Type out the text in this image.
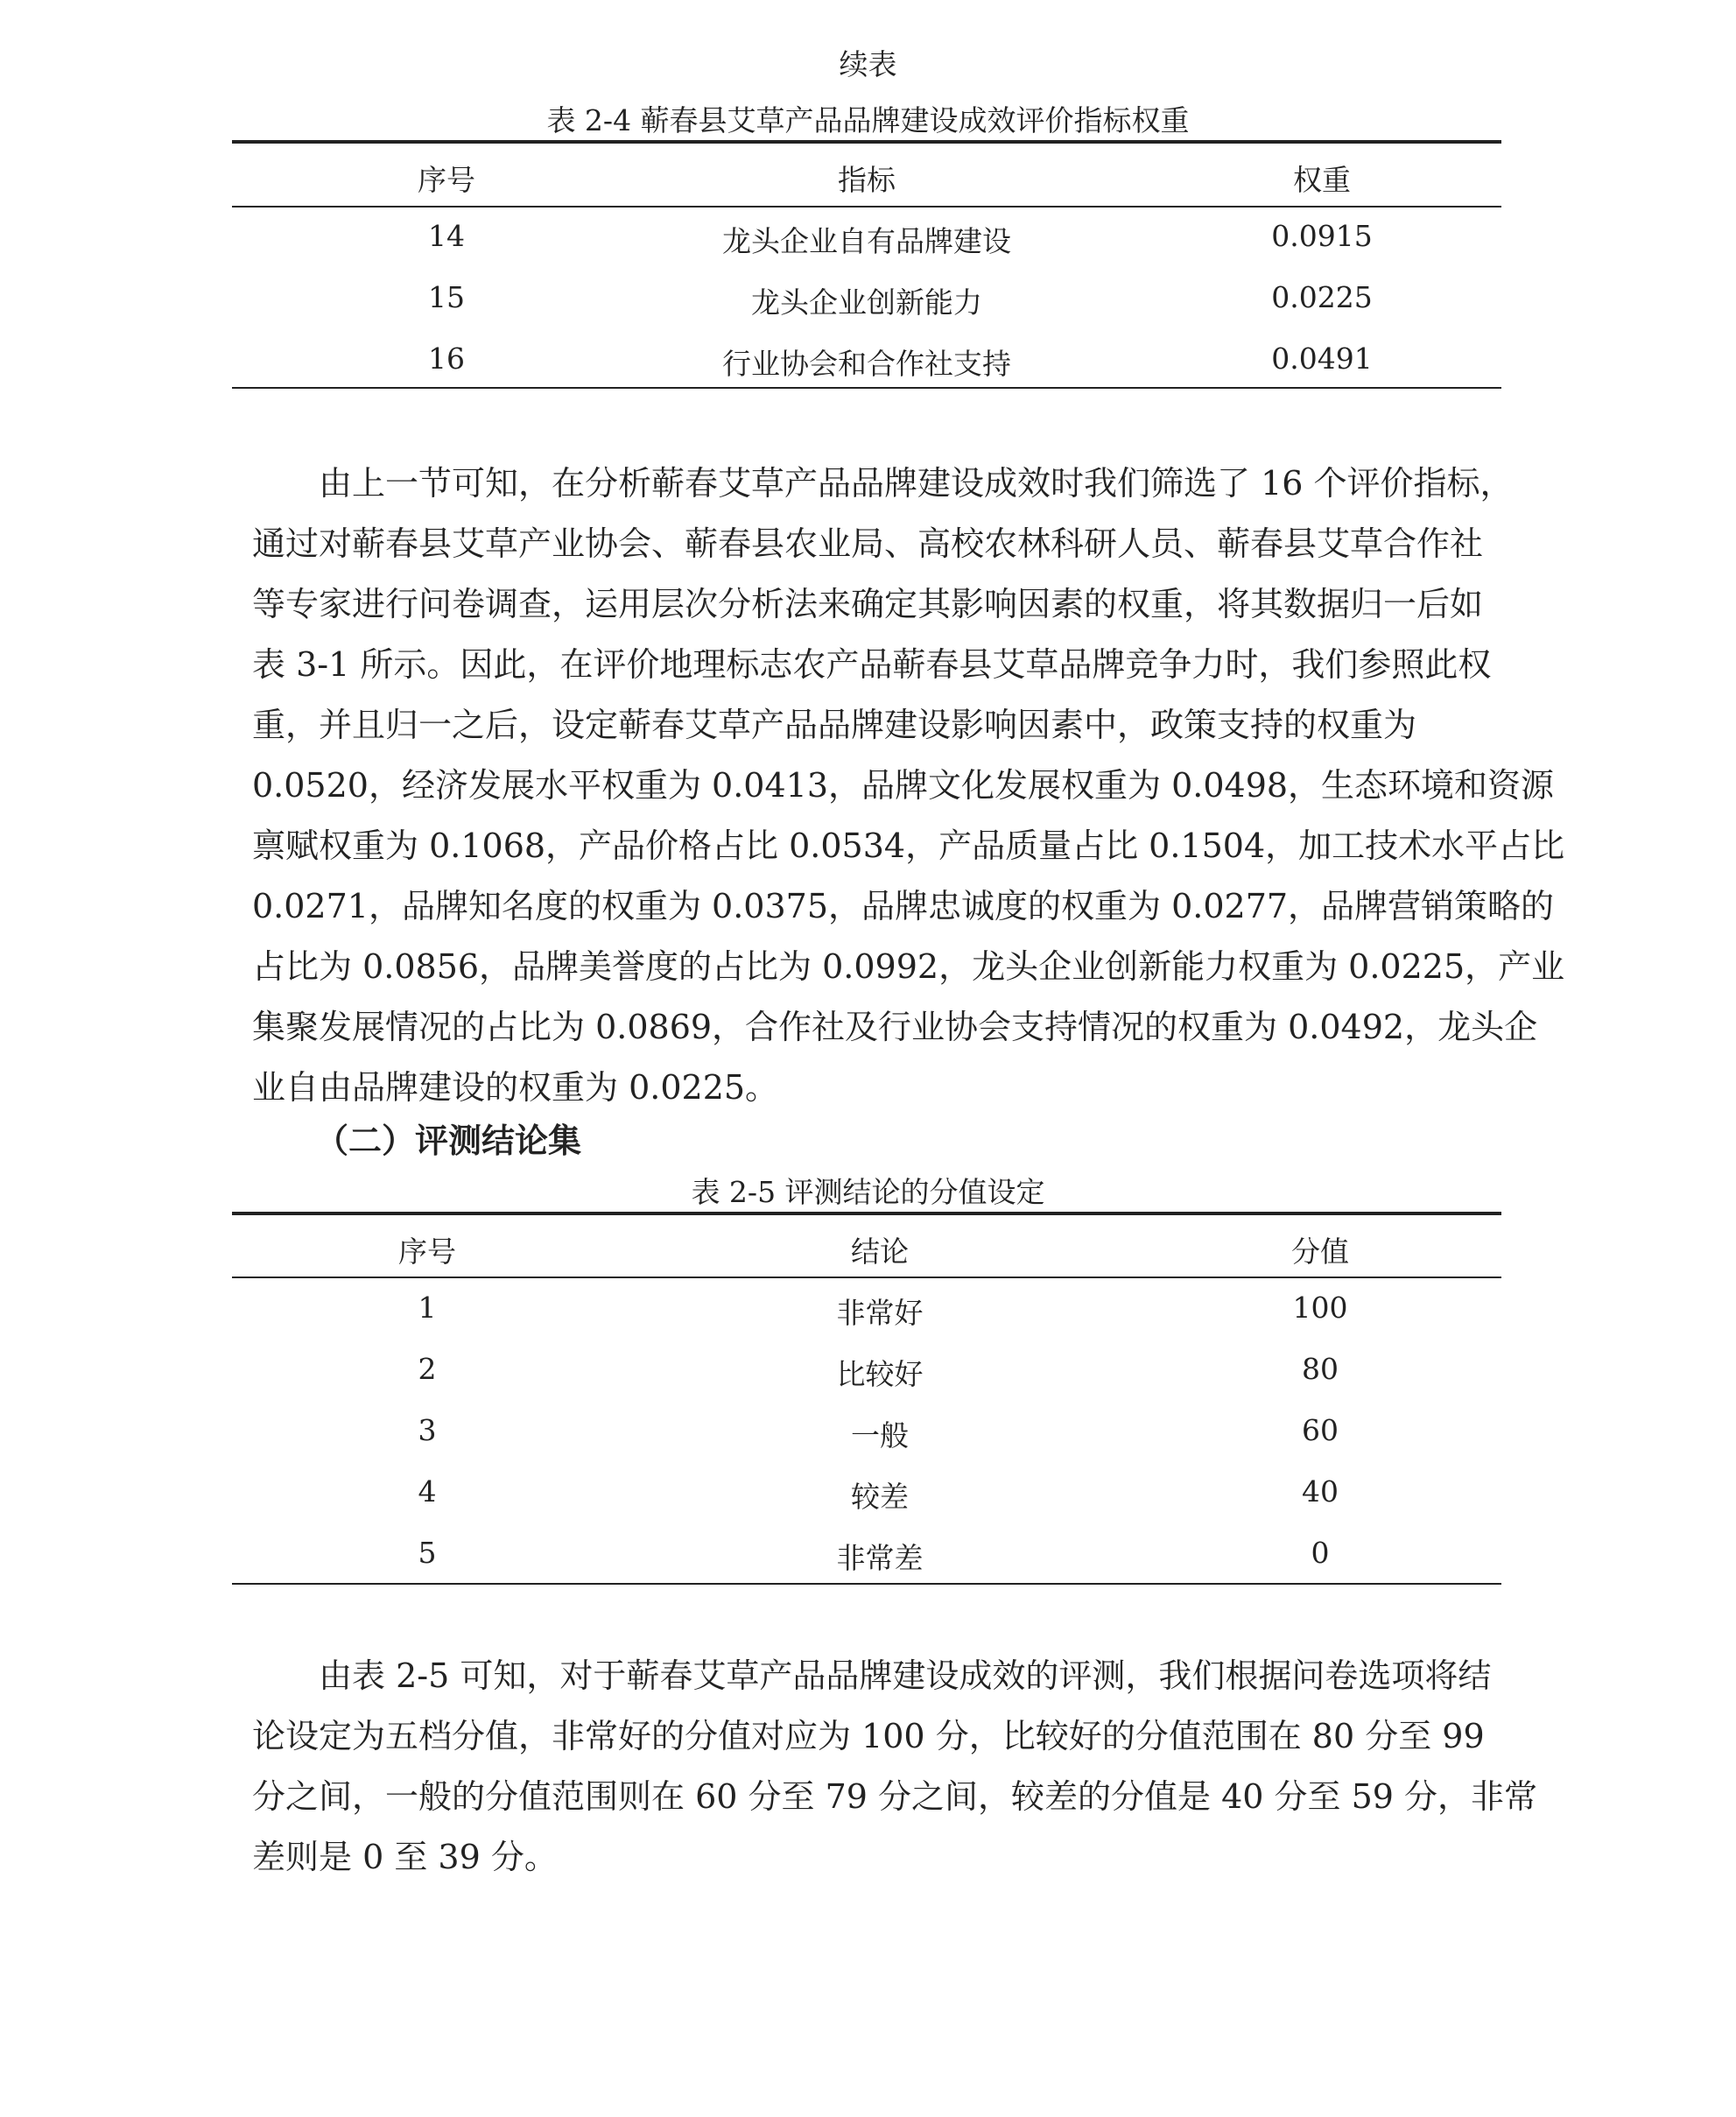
续表
表 2-4 蕲春县艾草产品品牌建设成效评价指标权重
序号	指标	权重
14	龙头企业自有品牌建设	0.0915
15	龙头企业创新能力	0.0225
16	行业协会和合作社支持	0.0491
由上一节可知，在分析蕲春艾草产品品牌建设成效时我们筛选了 16 个评价指标，
通过对蕲春县艾草产业协会、蕲春县农业局、高校农林科研人员、蕲春县艾草合作社
等专家进行问卷调查，运用层次分析法来确定其影响因素的权重，将其数据归一后如
表 3-1 所示。因此，在评价地理标志农产品蕲春县艾草品牌竞争力时，我们参照此权
重，并且归一之后，设定蕲春艾草产品品牌建设影响因素中，政策支持的权重为
0.0520，经济发展水平权重为 0.0413，品牌文化发展权重为 0.0498，生态环境和资源
禀赋权重为 0.1068，产品价格占比 0.0534，产品质量占比 0.1504，加工技术水平占比
0.0271，品牌知名度的权重为 0.0375，品牌忠诚度的权重为 0.0277，品牌营销策略的
占比为 0.0856，品牌美誉度的占比为 0.0992，龙头企业创新能力权重为 0.0225，产业
集聚发展情况的占比为 0.0869，合作社及行业协会支持情况的权重为 0.0492，龙头企
业自由品牌建设的权重为 0.0225。
（二）评测结论集
表 2-5 评测结论的分值设定
序号	结论	分值
1	非常好	100
2	比较好	80
3	一般	60
4	较差	40
5	非常差	0
由表 2-5 可知，对于蕲春艾草产品品牌建设成效的评测，我们根据问卷选项将结
论设定为五档分值，非常好的分值对应为 100 分，比较好的分值范围在 80 分至 99
分之间，一般的分值范围则在 60 分至 79 分之间，较差的分值是 40 分至 59 分，非常
差则是 0 至 39 分。
